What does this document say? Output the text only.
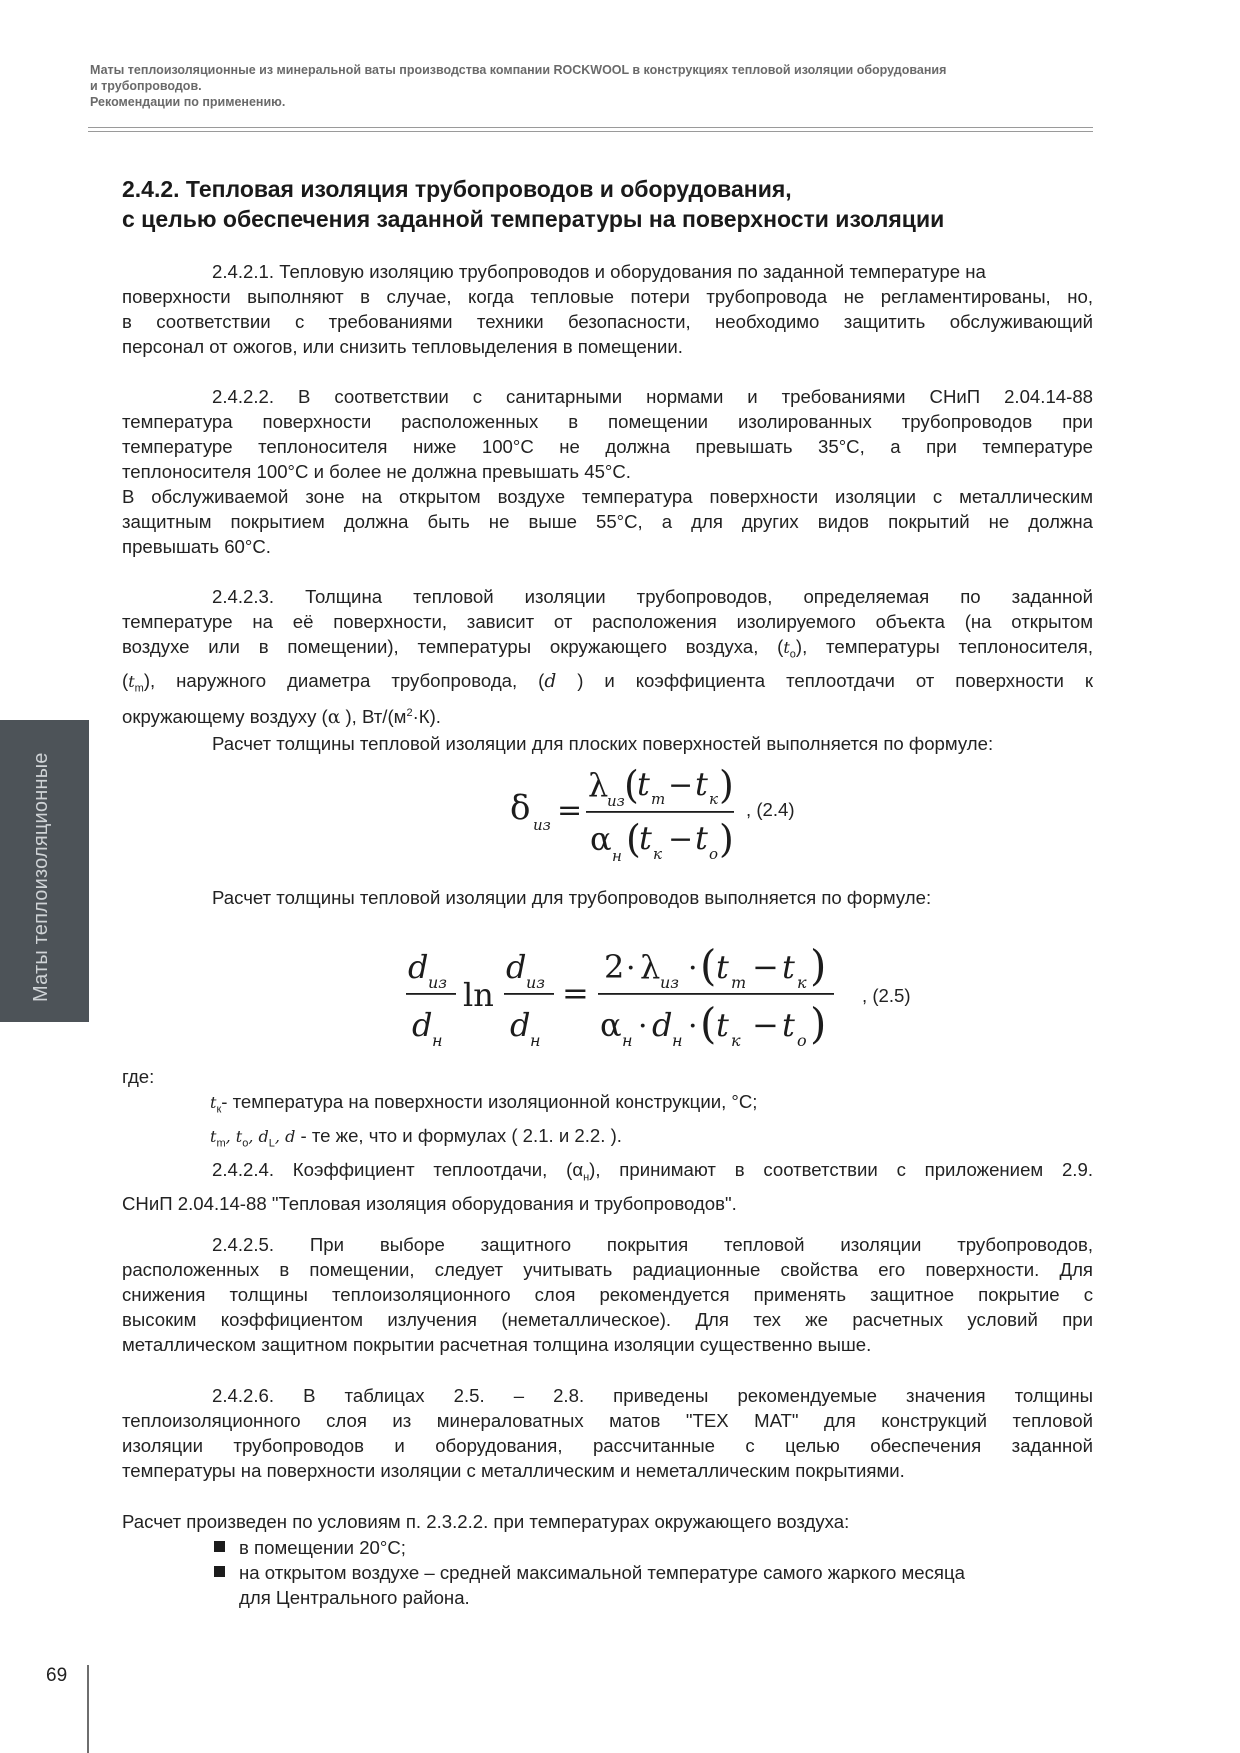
Маты теплоизоляционные из минеральной ваты производства компании ROCKWOOL в конструкциях тепловой изоляции оборудования
и трубопроводов.
Рекомендации по применению.
Маты теплоизоляционные
2.4.2. Тепловая изоляция трубопроводов и оборудования,
с целью обеспечения заданной температуры на поверхности изоляции
2.4.2.1. Тепловую изоляцию трубопроводов и оборудования по заданной температуре на
поверхности выполняют в случае, когда тепловые потери трубопровода не регламентированы, но,
в соответствии с требованиями техники безопасности, необходимо защитить обслуживающий
персонал от ожогов, или снизить тепловыделения в помещении.
2.4.2.2. В соответствии с санитарными нормами и требованиями СНиП 2.04.14-88
температура поверхности расположенных в помещении изолированных трубопроводов при
температуре теплоносителя ниже 100°С не должна превышать 35°С, а при температуре
теплоносителя 100°С и более не должна превышать 45°С.
В обслуживаемой зоне на открытом воздухе температура поверхности изоляции с металлическим
защитным покрытием должна быть не выше 55°С, а для других видов покрытий не должна
превышать 60°С.
2.4.2.3. Толщина тепловой изоляции трубопроводов, определяемая по заданной
температуре на её поверхности, зависит от расположения изолируемого объекта (на открытом
воздухе или в помещении), температуры окружающего воздуха, $(t_o)$, температуры теплоносителя,
$(t_m)$, наружного диаметра трубопровода, (d ) и коэффициента теплоотдачи от поверхности к
окружающему воздуху (α ), $Вт/(м^2\cdot К)$.
Расчет толщины тепловой изоляции для плоских поверхностей выполняется по формуле:
δ из =
λ
из (
t т − t к )
α н (
t к − t о )
, (2.4)
Расчет толщины тепловой изоляции для трубопроводов выполняется по формуле:
d из
d н
ln
d из
d н
=
2 · λ из · ( t m − t к )
α н · d н · ( t к − t о )
, (2.5)
где:
$t_к-$ температура на поверхности изоляционной конструкции, °С;
$t_m$, $t_o$, $d_L$, d - те же, что и формулах ( 2.1. и 2.2. ).
2.4.2.4. Коэффициент теплоотдачи, $(\alpha_н)$, принимают в соответствии с приложением 2.9.
СНиП 2.04.14-88 "Тепловая изоляция оборудования и трубопроводов".
2.4.2.5. При выборе защитного покрытия тепловой изоляции трубопроводов,
расположенных в помещении, следует учитывать радиационные свойства его поверхности. Для
снижения толщины теплоизоляционного слоя рекомендуется применять защитное покрытие с
высоким коэффициентом излучения (неметаллическое). Для тех же расчетных условий при
металлическом защитном покрытии расчетная толщина изоляции существенно выше.
2.4.2.6. В таблицах 2.5. – 2.8. приведены рекомендуемые значения толщины
теплоизоляционного слоя из минераловатных матов "ТЕХ МАТ" для конструкций тепловой
изоляции трубопроводов и оборудования, рассчитанные с целью обеспечения заданной
температуры на поверхности изоляции с металлическим и неметаллическим покрытиями.
Расчет произведен по условиям п. 2.3.2.2. при температурах окружающего воздуха:
в помещении 20°С;
на открытом воздухе – средней максимальной температуре самого жаркого месяца
для Центрального района.
69
